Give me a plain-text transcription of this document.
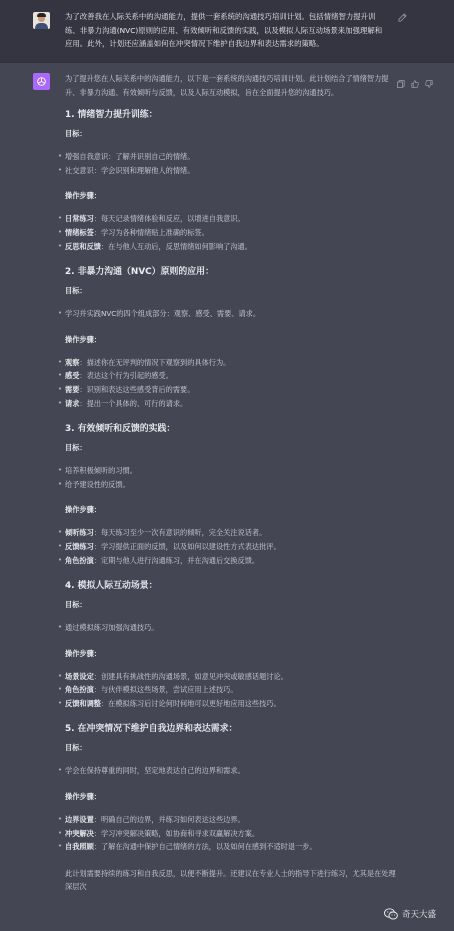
为了改善我在人际关系中的沟通能力，提供一套系统的沟通技巧培训计划。包括情绪智力提升训练、非暴力沟通(NVC)原则的应用、有效倾听和反馈的实践，以及模拟人际互动场景来加强理解和应用。此外，计划还应涵盖如何在冲突情况下维护自我边界和表达需求的策略。

为了提升您在人际关系中的沟通能力，以下是一套系统的沟通技巧培训计划。此计划结合了情绪智力提升、非暴力沟通、有效倾听与反馈，以及人际互动模拟，旨在全面提升您的沟通技巧。

1. 情绪智力提升训练：
目标：
• 增强自我意识：了解并识别自己的情绪。
• 社交意识：学会识别和理解他人的情绪。
操作步骤：
• 日常练习：每天记录情绪体验和反应，以增进自我意识。
• 情绪标签：学习为各种情绪贴上准确的标签。
• 反思和反馈：在与他人互动后，反思情绪如何影响了沟通。
2. 非暴力沟通（NVC）原则的应用：
目标：
• 学习并实践NVC的四个组成部分：观察、感受、需要、请求。
操作步骤：
• 观察：描述你在无评判的情况下观察到的具体行为。
• 感受：表达这个行为引起的感受。
• 需要：识别和表达这些感受背后的需要。
• 请求：提出一个具体的、可行的请求。
3. 有效倾听和反馈的实践：
目标：
• 培养积极倾听的习惯。
• 给予建设性的反馈。
操作步骤：
• 倾听练习：每天练习至少一次有意识的倾听，完全关注说话者。
• 反馈练习：学习提供正面的反馈，以及如何以建设性方式表达批评。
• 角色扮演：定期与他人进行沟通练习，并在沟通后交换反馈。
4. 模拟人际互动场景：
目标：
• 通过模拟练习加强沟通技巧。
操作步骤：
• 场景设定：创建具有挑战性的沟通场景，如意见冲突或敏感话题讨论。
• 角色扮演：与伙伴模拟这些场景，尝试应用上述技巧。
• 反馈和调整：在模拟练习后讨论何时何地可以更好地应用这些技巧。
5. 在冲突情况下维护自我边界和表达需求：
目标：
• 学会在保持尊重的同时，坚定地表达自己的边界和需求。
操作步骤：
• 边界设置：明确自己的边界，并练习如何表达这些边界。
• 冲突解决：学习冲突解决策略，如协商和寻求双赢解决方案。
• 自我照顾：了解在沟通中保护自己情绪的方法，以及如何在感到不适时退一步。

此计划需要持续的练习和自我反思，以便不断提升。还建议在专业人士的指导下进行练习，尤其是在处理深层次

奇天大盛
